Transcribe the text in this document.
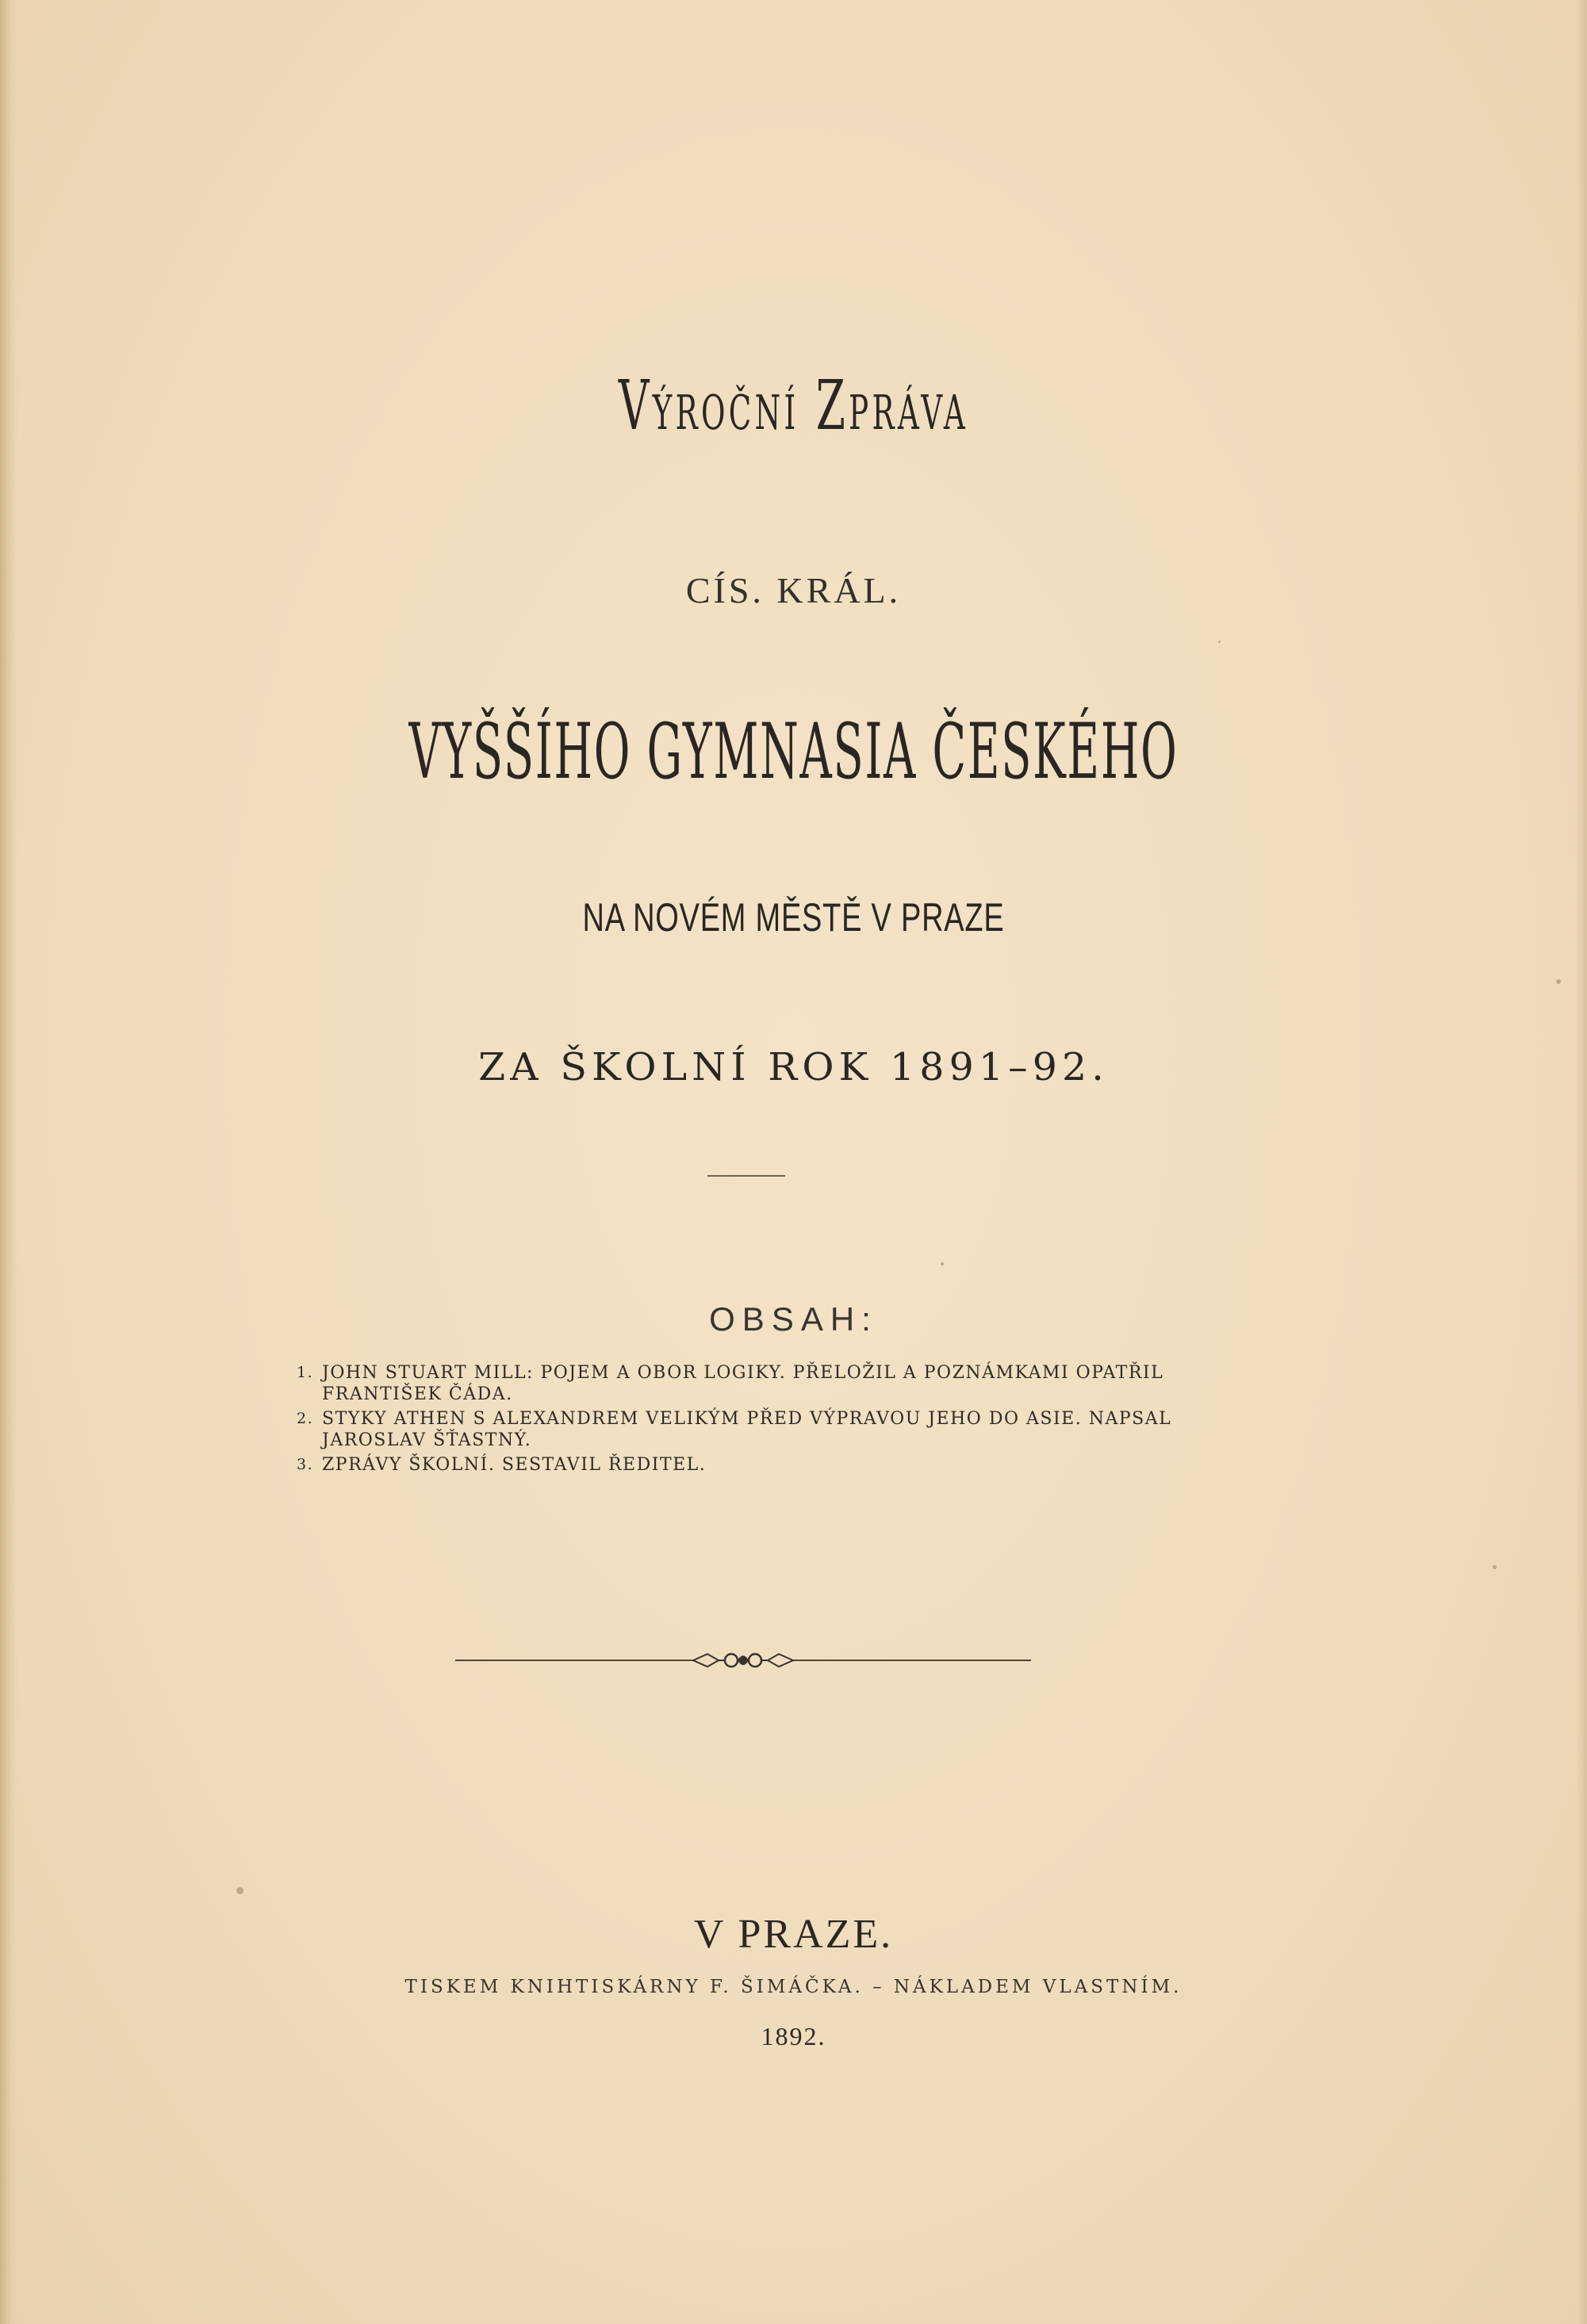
Výroční Zpráva
CÍS. KRÁL.
VYŠŠÍHO GYMNASIA ČESKÉHO
NA NOVÉM MĚSTĚ V PRAZE
ZA ŠKOLNÍ ROK 1891–92.
OBSAH:
1. JOHN STUART MILL: POJEM A OBOR LOGIKY. PŘELOŽIL A POZNÁMKAMI OPATŘIL FRANTIŠEK ČÁDA.
2. STYKY ATHEN S ALEXANDREM VELIKÝM PŘED VÝPRAVOU JEHO DO ASIE. NAPSAL JAROSLAV ŠŤASTNÝ.
3. ZPRÁVY ŠKOLNÍ. SESTAVIL ŘEDITEL.
V PRAZE.
TISKEM KNIHTISKÁRNY F. ŠIMÁČKA. – NÁKLADEM VLASTNÍM.
1892.
